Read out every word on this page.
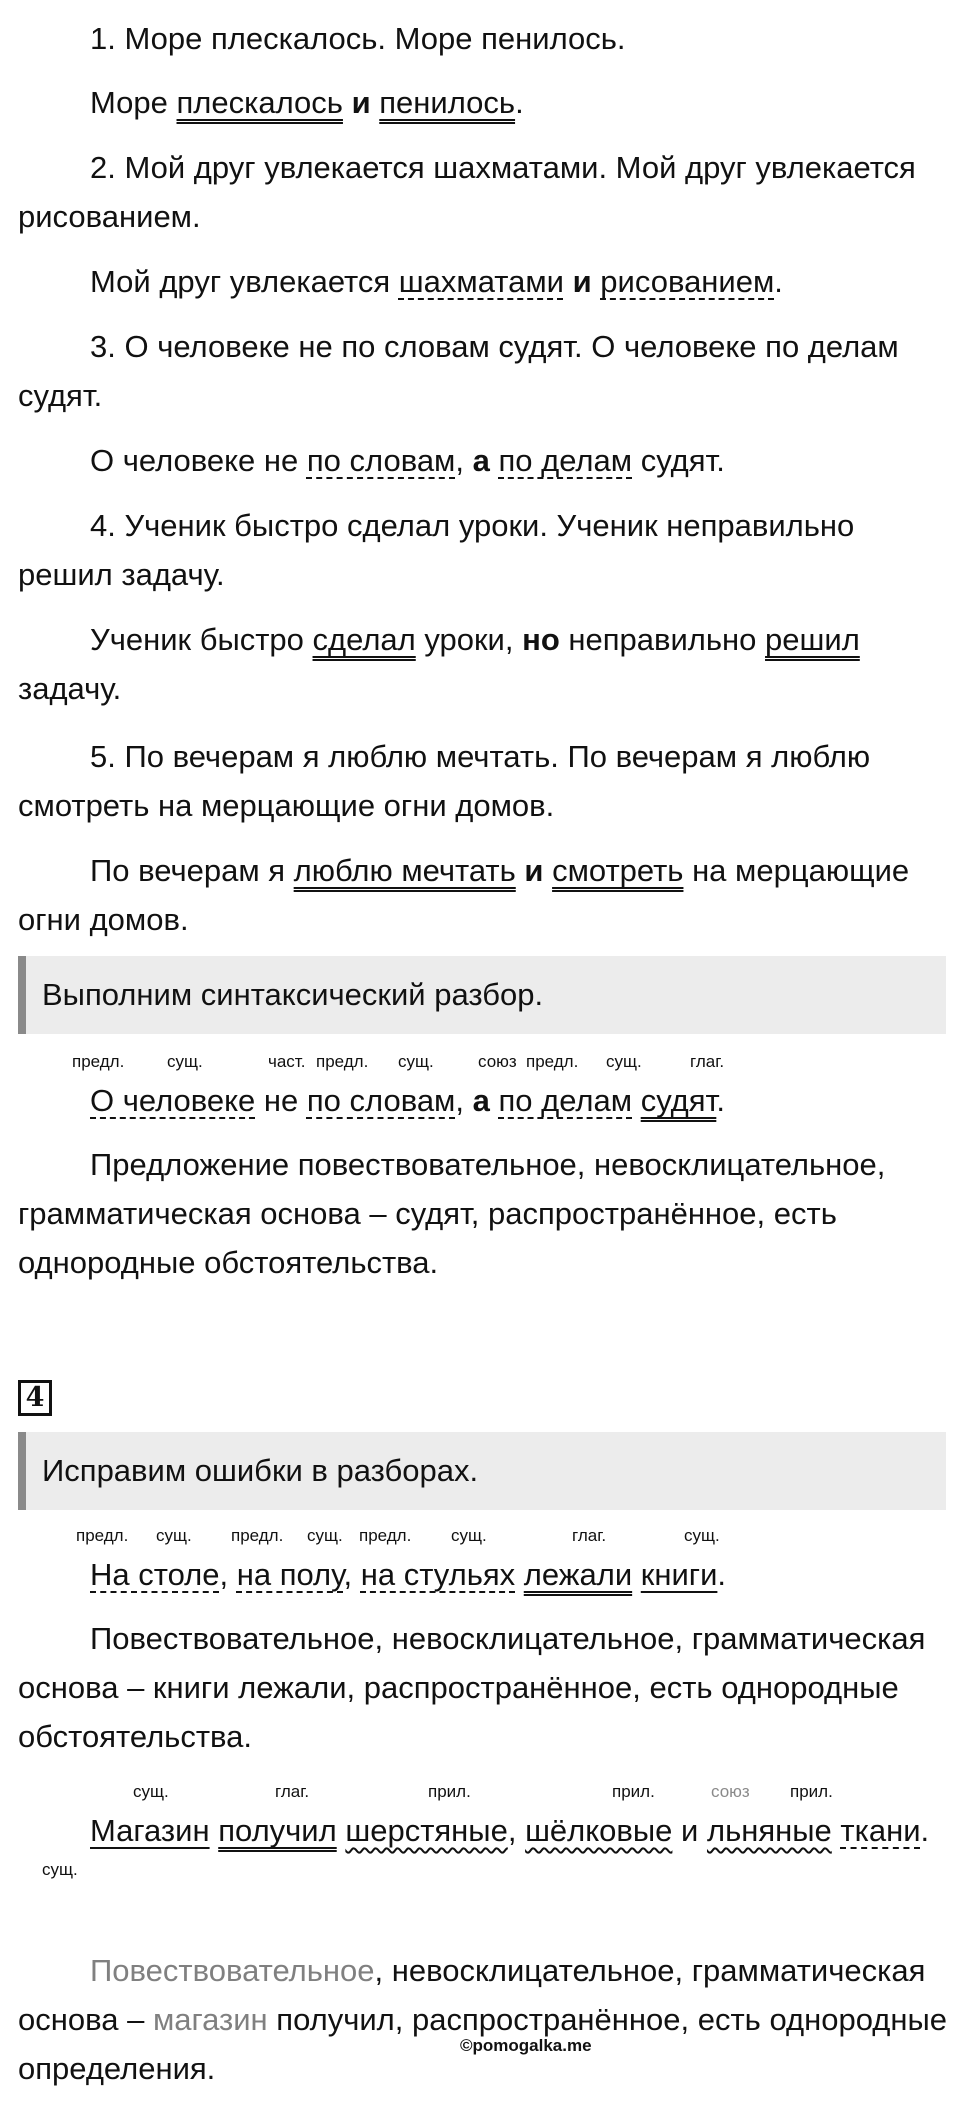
1. Море плескалось. Море пенилось.

Море плескалось и пенилось.

2. Мой друг увлекается шахматами. Мой друг увлекается рисованием.

Мой друг увлекается шахматами и рисованием.

3. О человеке не по словам судят. О человеке по делам судят.

О человеке не по словам, а по делам судят.

4. Ученик быстро сделал уроки. Ученик неправильно решил задачу.

Ученик быстро сделал уроки, но неправильно решил задачу.

5. По вечерам я люблю мечтать. По вечерам я люблю смотреть на мерцающие огни домов.

По вечерам я люблю мечтать и смотреть на мерцающие огни домов.

Выполним синтаксический разбор.
предл.	сущ.	част. предл. сущ.	союз предл. сущ.	глаг.

О человеке не по словам, а по делам судят.

Предложение повествовательное, невосклицательное, грамматическая основа – судят, распространённое, есть однородные обстоятельства.

4
Исправим ошибки в разборах.
предл. сущ. предл. сущ. предл. сущ.	глаг.	сущ.

На столе, на полу, на стульях лежали книги.

Повествовательное, невосклицательное, грамматическая основа – книги лежали, распространённое, есть однородные обстоятельства.

сущ.	глаг.	прил.	прил.	союз прил.
сущ.

Магазин получил шерстяные, шёлковые и льняные ткани.

Повествовательное, невосклицательное, грамматическая основа – магазин получил, распространённое, есть однородные определения.

©pomogalka.me
